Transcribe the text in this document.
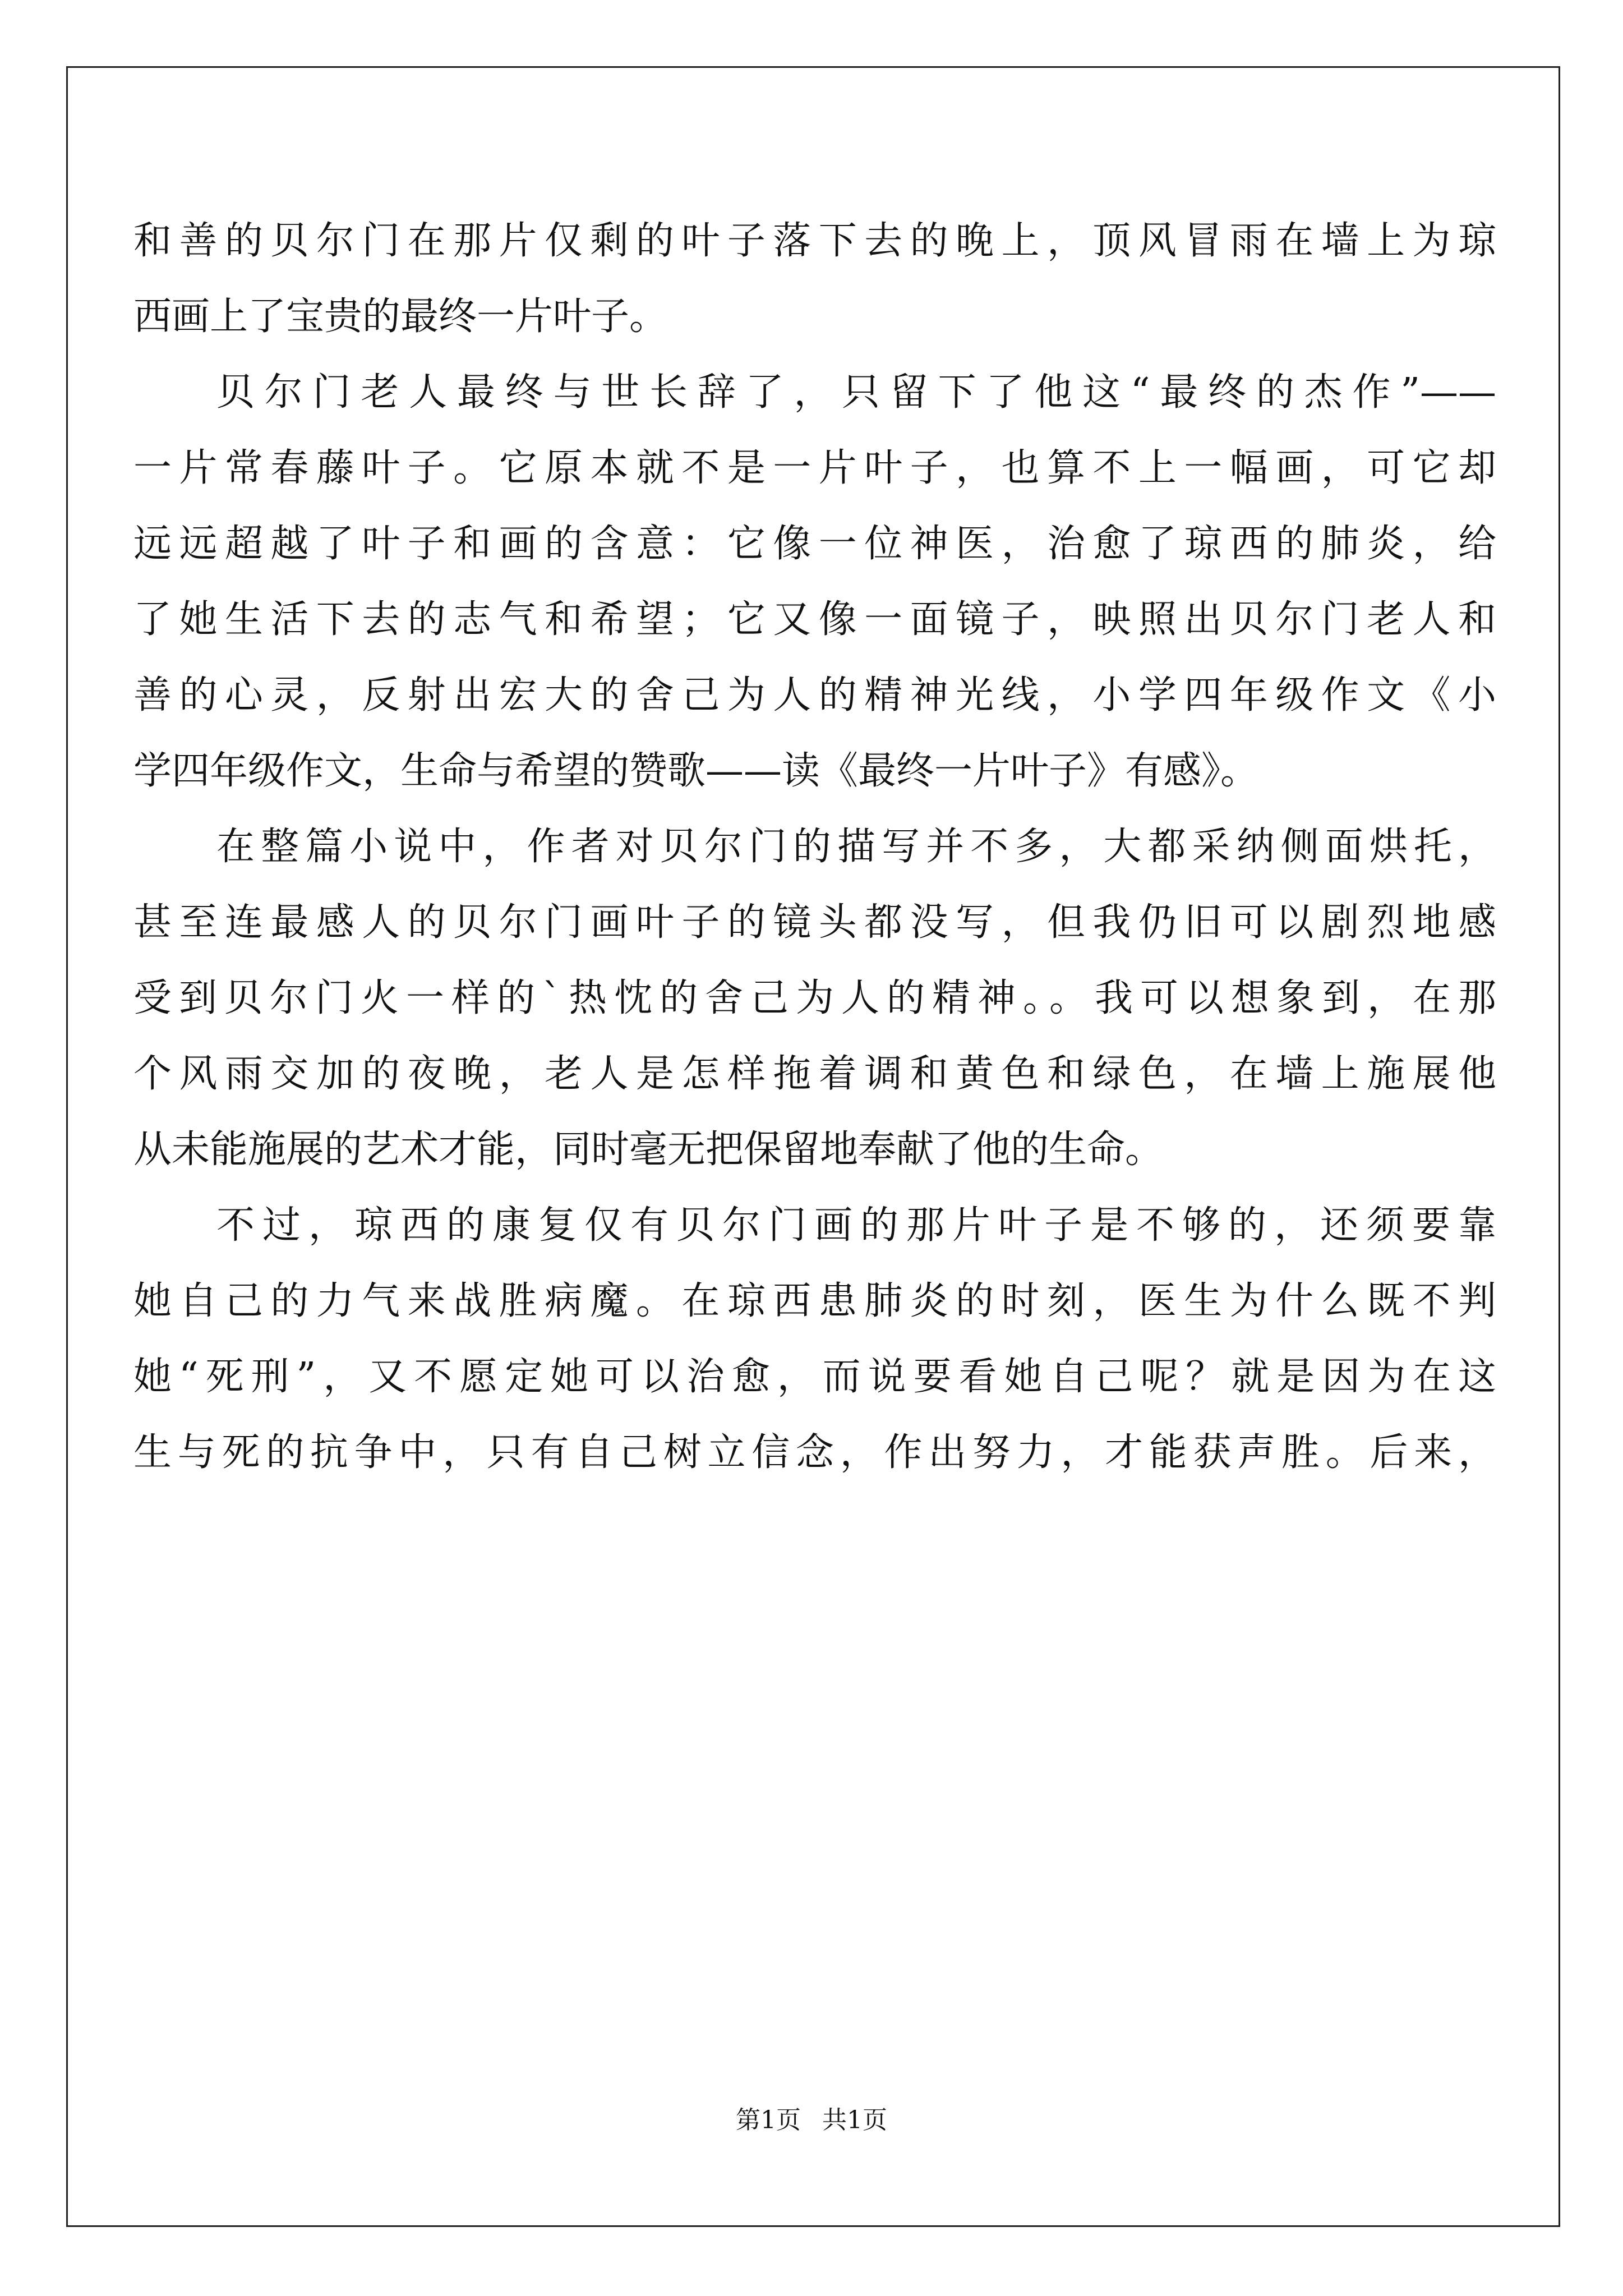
和善的贝尔门在那片仅剩的叶子落下去的晚上，顶风冒雨在墙上为琼
西画上了宝贵的最终一片叶子。
贝尔门老人最终与世长辞了，只留下了他这“最终的杰作”——
一片常春藤叶子。它原本就不是一片叶子，也算不上一幅画，可它却
远远超越了叶子和画的含意：它像一位神医，治愈了琼西的肺炎，给
了她生活下去的志气和希望；它又像一面镜子，映照出贝尔门老人和
善的心灵，反射出宏大的舍己为人的精神光线，小学四年级作文《小
学四年级作文，生命与希望的赞歌——读《最终一片叶子》有感》。
在整篇小说中，作者对贝尔门的描写并不多，大都采纳侧面烘托，
甚至连最感人的贝尔门画叶子的镜头都没写，但我仍旧可以剧烈地感
受到贝尔门火一样的`热忱的舍己为人的精神。。我可以想象到，在那
个风雨交加的夜晚，老人是怎样拖着调和黄色和绿色，在墙上施展他
从未能施展的艺术才能，同时毫无把保留地奉献了他的生命。
不过，琼西的康复仅有贝尔门画的那片叶子是不够的，还须要靠
她自己的力气来战胜病魔。在琼西患肺炎的时刻，医生为什么既不判
她“死刑”，又不愿定她可以治愈，而说要看她自己呢？就是因为在这
生与死的抗争中，只有自己树立信念，作出努力，才能获声胜。后来，
第1页 共1页
